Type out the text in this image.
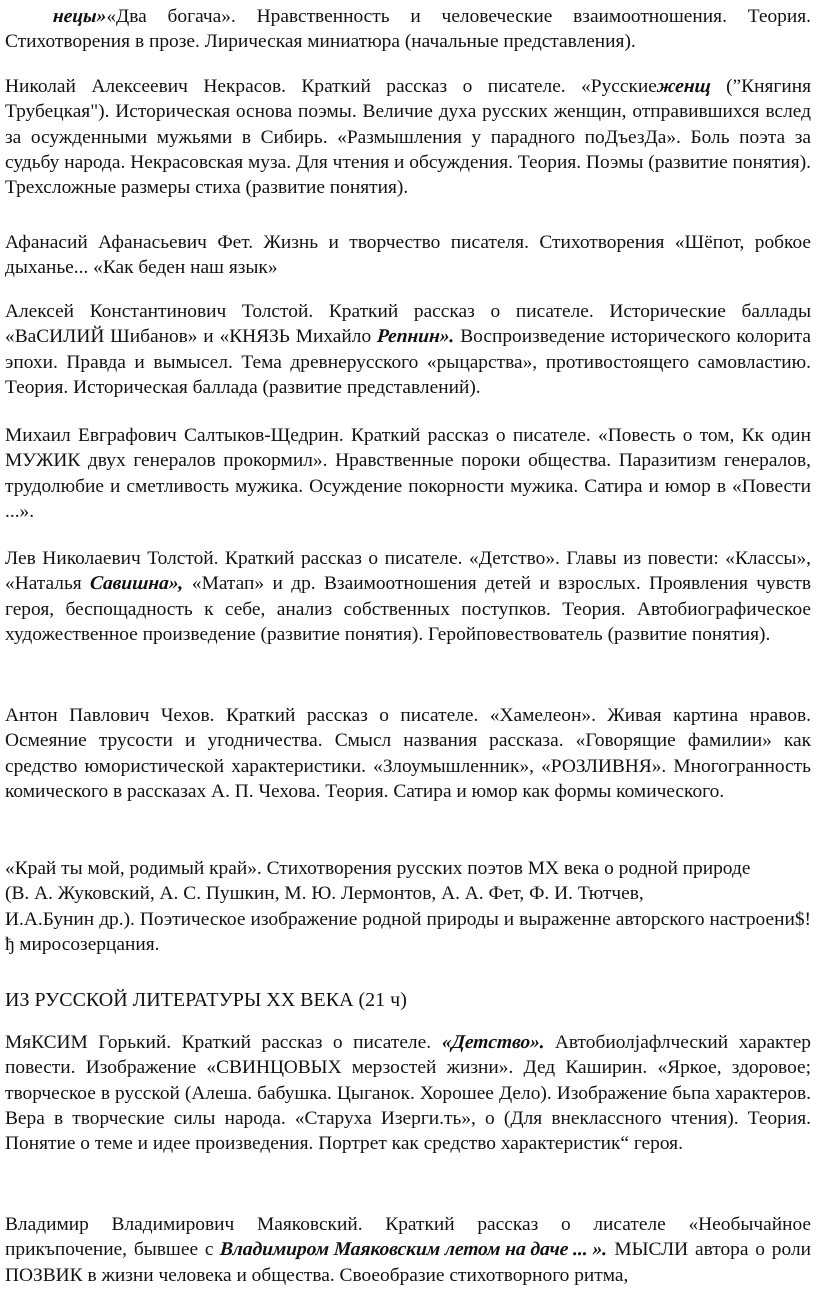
нецы»«Два богача». Нравственность и человеческие взаимоотношения. Теория. Стихотворения в прозе. Лирическая миниатюра (начальные представления).

Николай Алексеевич Некрасов. Краткий рассказ о писателе. «Русскиеженщ (”Княгиня Трубецкая"). Историческая основа поэмы. Величие духа русских женщин, отправившихся вслед за осужденными мужьями в Сибирь. «Размышления у парадного поДъезДа». Боль поэта за судьбу народа. Некрасовская муза. Для чтения и обсуждения. Теория. Поэмы (развитие понятия). Трехсложные размеры стиха (развитие понятия).

Афанасий Афанасьевич Фет. Жизнь и творчество писателя. Стихотворения «Шёпот, робкое дыханье... «Как беден наш язык»

Алексей Константинович Толстой. Краткий рассказ о писателе. Исторические баллады «ВаСИЛИЙ Шибанов» и «КНЯЗЬ Михайло Репнин». Воспроизведение исторического колорита эпохи. Правда и вымысел. Тема древнерусского «рыцарства», противостоящего самовластию. Теория. Историческая баллада (развитие представлений).

Михаил Евграфович Салтыков-Щедрин. Краткий рассказ о писателе. «Повесть о том, Кк один МУЖИК двух генералов прокормил». Нравственные пороки общества. Паразитизм генералов, трудолюбие и сметливость мужика. Осуждение покорности мужика. Сатира и юмор в «Повести ...».

Лев Николаевич Толстой. Краткий рассказ о писателе. «Детство». Главы из повести: «Классы», «Наталья Савишна», «Матап» и др. Взаимоотношения детей и взрослых. Проявления чувств героя, беспощадность к себе, анализ собственных поступков. Теория. Автобиографическое художественное произведение (развитие понятия). Геройповествователь (развитие понятия).

Антон Павлович Чехов. Краткий рассказ о писателе. «Хамелеон». Живая картина нравов. Осмеяние трусости и угодничества. Смысл названия рассказа. «Говорящие фамилии» как средство юмористической характеристики. «Злоумышленник», «РОЗЛИВНЯ». Многогранность комического в рассказах А. П. Чехова. Теория. Сатира и юмор как формы комического.

«Край ты мой, родимый край». Стихотворения русских поэтов МХ века о родной природе
(В. А. Жуковский, А. С. Пушкин, М. Ю. Лермонтов, А. А. Фет, Ф. И. Тютчев,
И.А.Бунин др.). Поэтическое изображение родной природы и выраженне авторского настроени$!ђ миросозерцания.

ИЗ РУССКОЙ ЛИТЕРАТУРЫ ХХ ВЕКА (21 ч)

МяКСИМ Горький. Краткий рассказ о писателе. «Детство». Автобиолјафлческий характер повести. Изображение «СВИНЦОВЫХ мерзостей жизни». Дед Каширин. «Яркое, здоровое; творческое в русской (Алеша. бабушка. Цыганок. Хорошее Дело). Изображение бьпа характеров. Вера в творческие силы народа. «Старуха Изерги.ть», о (Для внеклассного чтения). Теория. Понятие о теме и идее произведения. Портрет как средство характеристик“ героя.

Владимир Владимирович Маяковский. Краткий рассказ о лисателе «Необычайное прикъпочение, бывшее с Владимиром Маяковским летом на даче ... ». МЫСЛИ автора о роли ПОЗВИК в жизни человека и общества. Своеобразие стихотворного ритма,
